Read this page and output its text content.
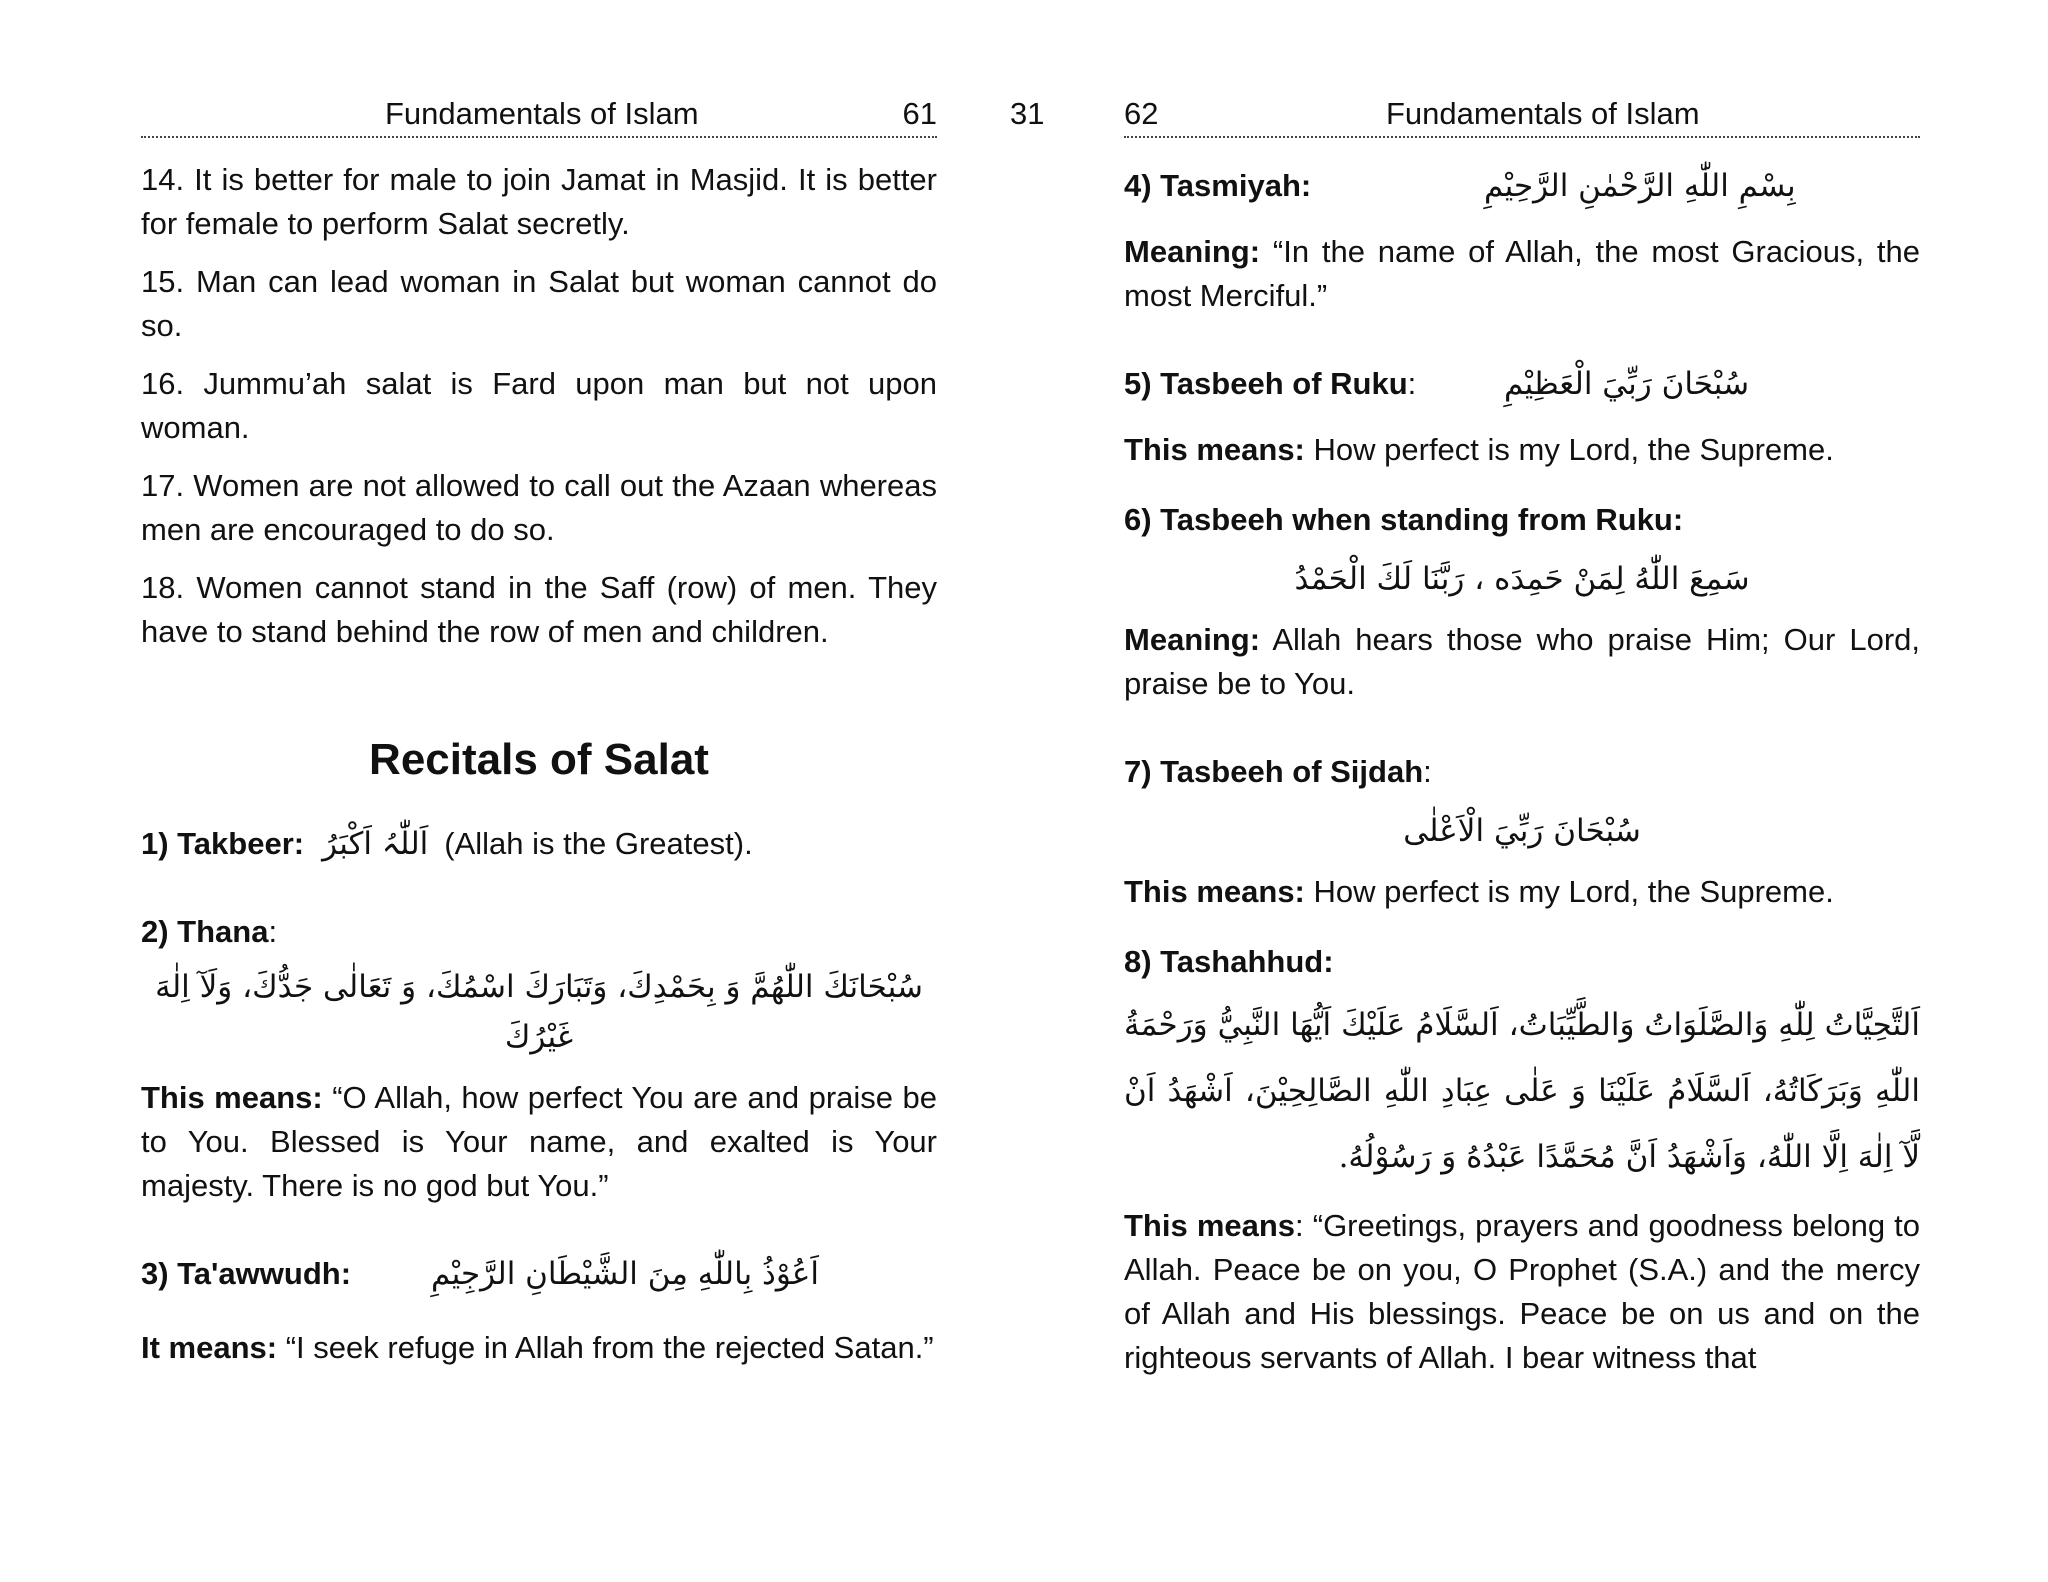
31
Fundamentals of Islam	61

14. It is better for male to join Jamat in Masjid. It is better for female to perform Salat secretly.

15. Man can lead woman in Salat but woman cannot do so.

16. Jummu’ah salat is Fard upon man but not upon woman.

17. Women are not allowed to call out the Azaan whereas men are encouraged to do so.

18. Women cannot stand in the Saff (row) of men. They have to stand behind the row of men and children.

Recitals of Salat
1) Takbeer: اَللّٰہُ اَکْبَرُ (Allah is the Greatest).
2) Thana :
سُبْحَانَكَ اللّٰهُمَّ وَ بِحَمْدِكَ، وَتَبَارَكَ اسْمُكَ، وَ تَعَالٰى جَدُّكَ، وَلَآ اِلٰهَ غَيْرُكَ

This means: “O Allah, how perfect You are and praise be to You. Blessed is Your name, and exalted is Your majesty. There is no god but You.”

3) Ta'awwudh:	اَعُوْذُ بِاللّٰهِ مِنَ الشَّيْطَانِ الرَّجِيْمِ

It means: “I seek refuge in Allah from the rejected Satan.”

62	Fundamentals of Islam
4) Tasmiyah:	بِسْمِ اللّٰهِ الرَّحْمٰنِ الرَّحِيْمِ

Meaning: “In the name of Allah, the most Gracious, the most Merciful.”

5) Tasbeeh of Ruku:	سُبْحَانَ رَبِّيَ الْعَظِيْمِ

This means: How perfect is my Lord, the Supreme.

6) Tasbeeh when standing from Ruku:
سَمِعَ اللّٰهُ لِمَنْ حَمِدَه ، رَبَّنَا لَكَ الْحَمْدُ

Meaning: Allah hears those who praise Him; Our Lord, praise be to You.

7) Tasbeeh of Sijdah :
سُبْحَانَ رَبِّيَ الْاَعْلٰى

This means: How perfect is my Lord, the Supreme.

8) Tashahhud:
اَلتَّحِيَّاتُ لِلّٰهِ وَالصَّلَوَاتُ وَالطَّيِّبَاتُ، اَلسَّلَامُ عَلَيْكَ اَيُّهَا النَّبِيُّ وَرَحْمَةُ اللّٰهِ وَبَرَكَاتُهُ، اَلسَّلَامُ عَلَيْنَا وَ عَلٰى عِبَادِ اللّٰهِ الصَّالِحِيْنَ، اَشْهَدُ اَنْ لَّآ اِلٰهَ اِلَّا اللّٰهُ، وَاَشْهَدُ اَنَّ مُحَمَّدًا عَبْدُهُ وَ رَسُوْلُهُ.

This means: “Greetings, prayers and goodness belong to Allah. Peace be on you, O Prophet (S.A.) and the mercy of Allah and His blessings. Peace be on us and on the righteous servants of Allah. I bear witness that
